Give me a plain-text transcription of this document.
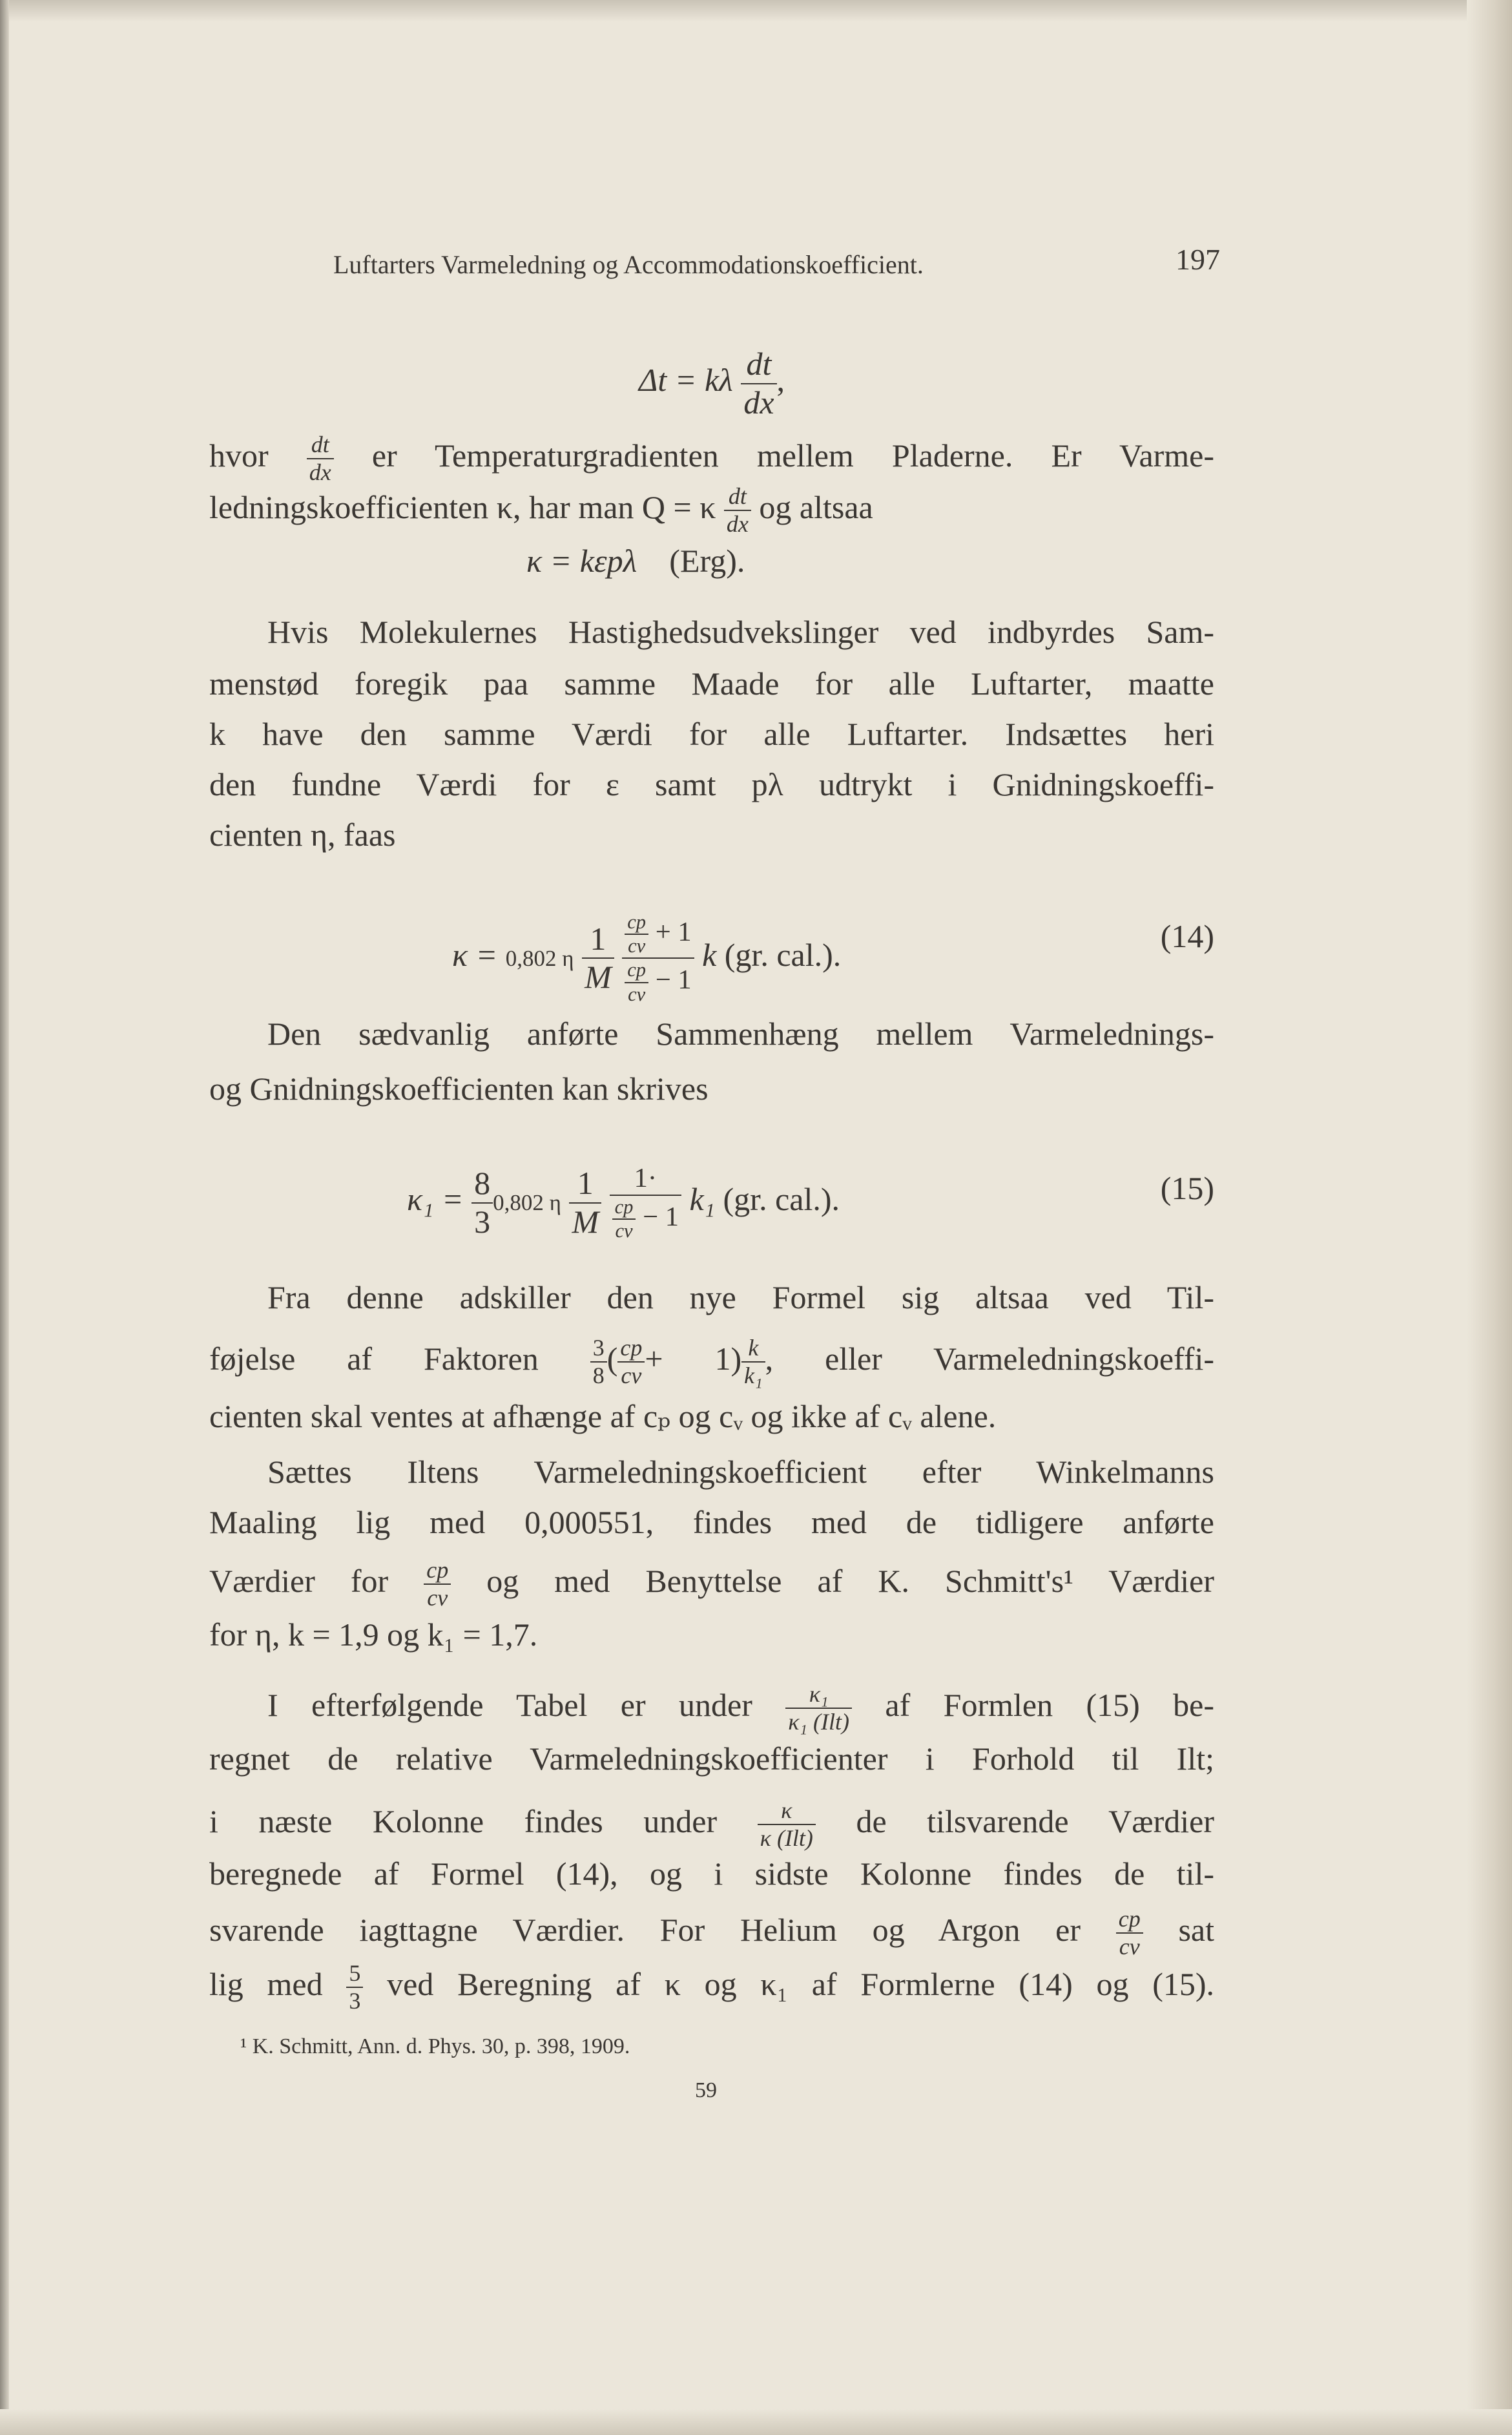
Luftarters Varmeledning og Accommodationskoefficient.	197
Δt = kλ $\frac{dt}{dx}$ ,
hvor $\frac{dt}{dx}$ er Temperaturgradienten mellem Pladerne. Er Varme-
ledningskoefficienten κ, har man Q = κ $\frac{dt}{dx}$ og altsaa
κ = kεpλ (Erg).
Hvis Molekulernes Hastighedsudvekslinger ved indbyrdes Sam-
menstød foregik paa samme Maade for alle Luftarter, maatte
k have den samme Værdi for alle Luftarter. Indsættes heri
den fundne Værdi for ε samt pλ udtrykt i Gnidningskoeffi-
cienten η, faas
κ = 0,802 η $\frac{1}{M}$
$\frac{cp}{cv} + 1$
$\frac{cp}{cv} - 1$
k (gr. cal.).
(14)
Den sædvanlig anførte Sammenhæng mellem Varmelednings-
og Gnidningskoefficienten kan skrives
$\kappa_1 = \frac{8}{3} 0,802$ η $\frac{1}{M}$
	1·
$\frac{cp}{cv} - 1$ k₁ (gr. cal.).	(15)
Fra denne adskiller den nye Formel sig altsaa ved Til-
føjelse af Faktoren $\frac{3}{8}$ ( $\frac{cp}{cv} + 1) \frac{k}{\text{k₁}}$ , eller Varmeledningskoeffi-
cienten skal ventes at afhænge af cₚ og cᵥ og ikke af cᵥ alene.
Sættes Iltens Varmeledningskoefficient efter Winkelmanns
Maaling lig med 0,000551, findes med de tidligere anførte
Værdier for $\frac{cp}{cv}$ og med Benyttelse af K. Schmitt's¹ Værdier
for η, k = 1,9 og k₁ = 1,7.
I efterfølgende Tabel er under	κ₁
κ₁ (Ilt) af Formlen (15) be-
regnet de relative Varmeledningskoefficienter i Forhold til Ilt;
i næste Kolonne findes under	κ
κ (Ilt) de tilsvarende Værdier
beregnede af Formel (14), og i sidste Kolonne findes de til-
svarende iagttagne Værdier. For Helium og Argon er $\frac{cp}{cv}$ sat
lig med $\frac{5}{3}$ ved Beregning af κ og κ₁ af Formlerne (14) og (15).
¹ K. Schmitt, Ann. d. Phys. 30, p. 398, 1909.
59
